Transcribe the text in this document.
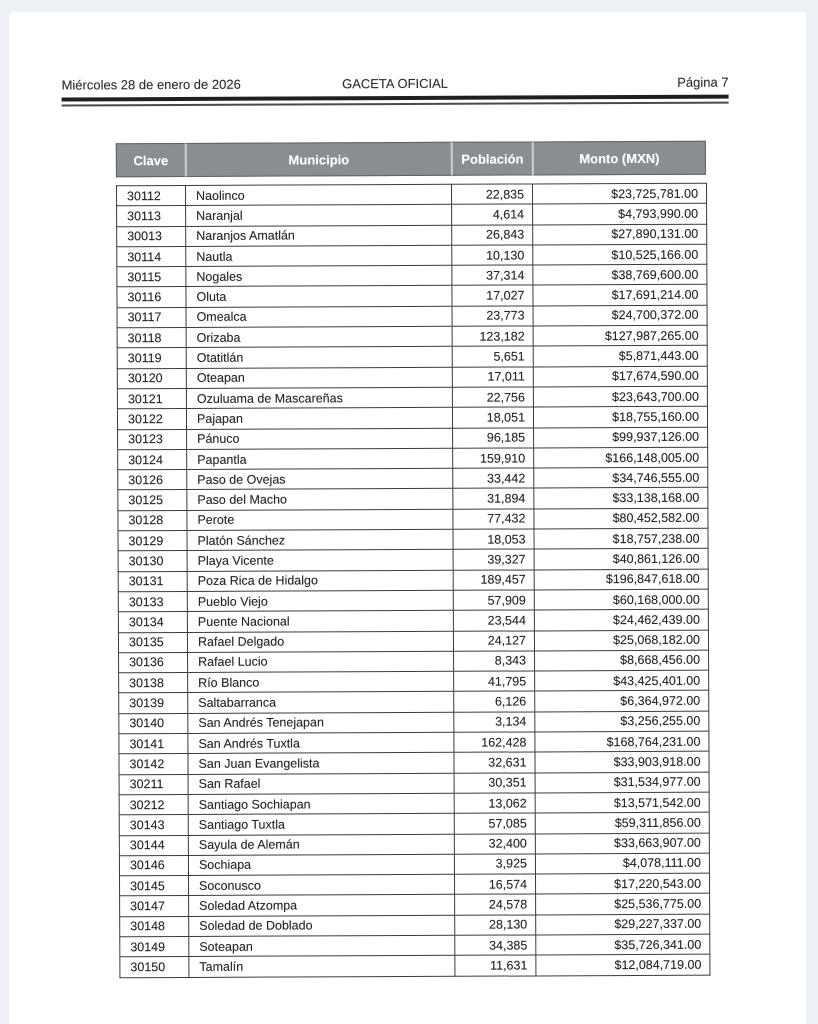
Miércoles 28 de enero de 2026	GACETA OFICIAL	Página 7
Clave	Municipio	Población	Monto (MXN)
30112	Naolinco	22,835	$23,725,781.00
30113	Naranjal	4,614	$4,793,990.00
30013	Naranjos Amatlán	26,843	$27,890,131.00
30114	Nautla	10,130	$10,525,166.00
30115	Nogales	37,314	$38,769,600.00
30116	Oluta	17,027	$17,691,214.00
30117	Omealca	23,773	$24,700,372.00
30118	Orizaba	123,182	$127,987,265.00
30119	Otatitlán	5,651	$5,871,443.00
30120	Oteapan	17,011	$17,674,590.00
30121	Ozuluama de Mascareñas	22,756	$23,643,700.00
30122	Pajapan	18,051	$18,755,160.00
30123	Pánuco	96,185	$99,937,126.00
30124	Papantla	159,910	$166,148,005.00
30126	Paso de Ovejas	33,442	$34,746,555.00
30125	Paso del Macho	31,894	$33,138,168.00
30128	Perote	77,432	$80,452,582.00
30129	Platón Sánchez	18,053	$18,757,238.00
30130	Playa Vicente	39,327	$40,861,126.00
30131	Poza Rica de Hidalgo	189,457	$196,847,618.00
30133	Pueblo Viejo	57,909	$60,168,000.00
30134	Puente Nacional	23,544	$24,462,439.00
30135	Rafael Delgado	24,127	$25,068,182.00
30136	Rafael Lucio	8,343	$8,668,456.00
30138	Río Blanco	41,795	$43,425,401.00
30139	Saltabarranca	6,126	$6,364,972.00
30140	San Andrés Tenejapan	3,134	$3,256,255.00
30141	San Andrés Tuxtla	162,428	$168,764,231.00
30142	San Juan Evangelista	32,631	$33,903,918.00
30211	San Rafael	30,351	$31,534,977.00
30212	Santiago Sochiapan	13,062	$13,571,542.00
30143	Santiago Tuxtla	57,085	$59,311,856.00
30144	Sayula de Alemán	32,400	$33,663,907.00
30146	Sochiapa	3,925	$4,078,111.00
30145	Soconusco	16,574	$17,220,543.00
30147	Soledad Atzompa	24,578	$25,536,775.00
30148	Soledad de Doblado	28,130	$29,227,337.00
30149	Soteapan	34,385	$35,726,341.00
30150	Tamalín	11,631	$12,084,719.00
